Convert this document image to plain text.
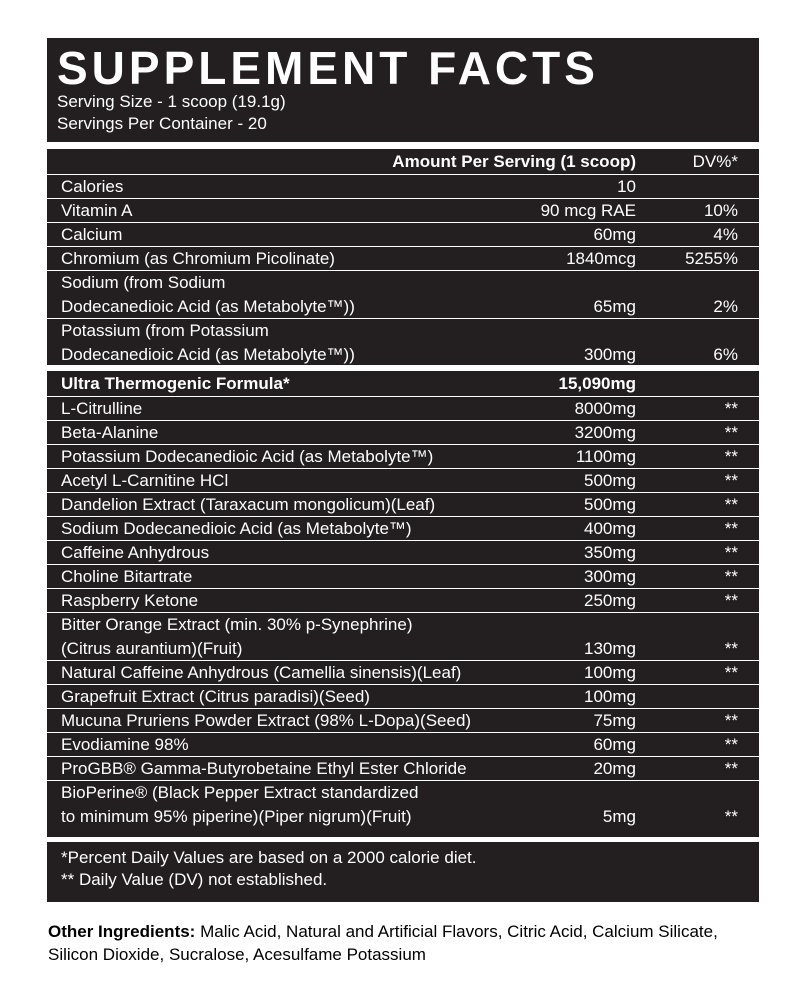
SUPPLEMENT FACTS
Serving Size - 1 scoop (19.1g)
Servings Per Container - 20
Amount Per Serving (1 scoop)	DV%*
Calories	10
Vitamin A	90 mcg RAE	10%
Calcium	60mg	4%
Chromium (as Chromium Picolinate)	1840mcg	5255%
Sodium (from Sodium
Dodecanedioic Acid (as Metabolyte™))	65mg	2%
Potassium (from Potassium
Dodecanedioic Acid (as Metabolyte™))	300mg	6%
Ultra Thermogenic Formula*	15,090mg
L-Citrulline	8000mg	**
Beta-Alanine	3200mg	**
Potassium Dodecanedioic Acid (as Metabolyte™)	1100mg	**
Acetyl L-Carnitine HCl	500mg	**
Dandelion Extract (Taraxacum mongolicum)(Leaf)	500mg	**
Sodium Dodecanedioic Acid (as Metabolyte™)	400mg	**
Caffeine Anhydrous	350mg	**
Choline Bitartrate	300mg	**
Raspberry Ketone	250mg	**
Bitter Orange Extract (min. 30% p-Synephrine)
(Citrus aurantium)(Fruit)	130mg	**
Natural Caffeine Anhydrous (Camellia sinensis)(Leaf)	100mg	**
Grapefruit Extract (Citrus paradisi)(Seed)	100mg
Mucuna Pruriens Powder Extract (98% L-Dopa)(Seed)	75mg	**
Evodiamine 98%	60mg	**
ProGBB® Gamma-Butyrobetaine Ethyl Ester Chloride	20mg	**
BioPerine® (Black Pepper Extract standardized
to minimum 95% piperine)(Piper nigrum)(Fruit)	5mg	**
*Percent Daily Values are based on a 2000 calorie diet.
** Daily Value (DV) not established.
Other Ingredients: Malic Acid, Natural and Artificial Flavors, Citric Acid, Calcium Silicate, Silicon Dioxide, Sucralose, Acesulfame Potassium
